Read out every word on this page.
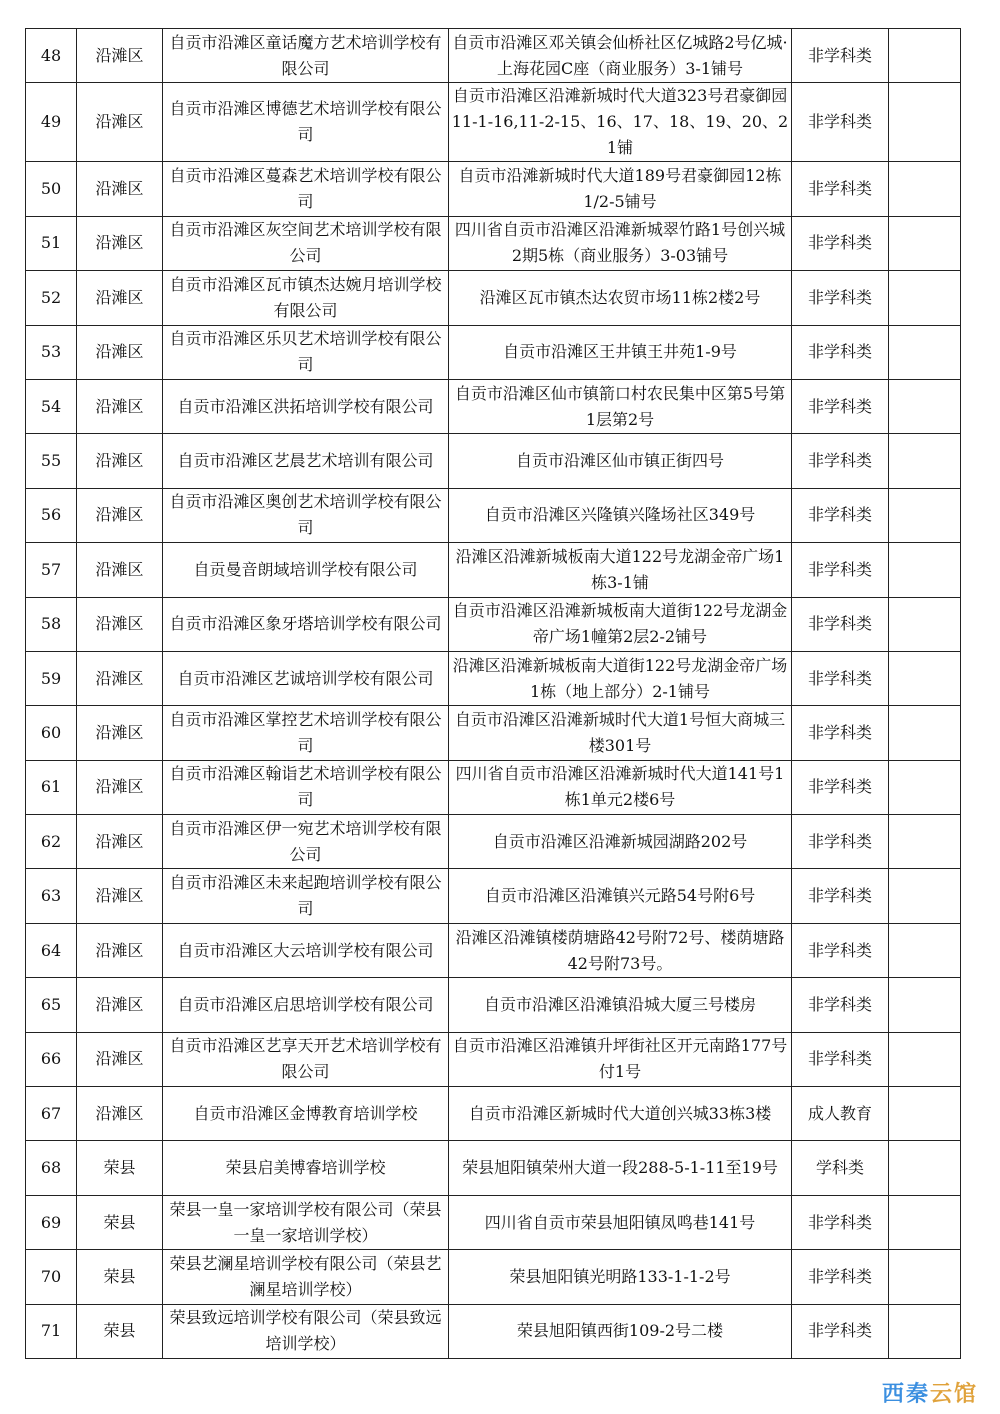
48	沿滩区	自贡市沿滩区童话魔方艺术培训学校有限公司	自贡市沿滩区邓关镇会仙桥社区亿城路2号亿城·上海花园C座（商业服务）3-1铺号	非学科类	
49	沿滩区	自贡市沿滩区博德艺术培训学校有限公司	自贡市沿滩区沿滩新城时代大道323号君豪御园11-1-16,11-2-15、16、17、18、19、20、21铺	非学科类	
50	沿滩区	自贡市沿滩区蔓森艺术培训学校有限公司	自贡市沿滩新城时代大道189号君豪御园12栋1/2-5铺号	非学科类	
51	沿滩区	自贡市沿滩区灰空间艺术培训学校有限公司	四川省自贡市沿滩区沿滩新城翠竹路1号创兴城2期5栋（商业服务）3-03铺号	非学科类	
52	沿滩区	自贡市沿滩区瓦市镇杰达婉月培训学校有限公司	沿滩区瓦市镇杰达农贸市场11栋2楼2号	非学科类	
53	沿滩区	自贡市沿滩区乐贝艺术培训学校有限公司	自贡市沿滩区王井镇王井苑1-9号	非学科类	
54	沿滩区	自贡市沿滩区洪拓培训学校有限公司	自贡市沿滩区仙市镇箭口村农民集中区第5号第1层第2号	非学科类	
55	沿滩区	自贡市沿滩区艺晨艺术培训有限公司	自贡市沿滩区仙市镇正街四号	非学科类	
56	沿滩区	自贡市沿滩区奥创艺术培训学校有限公司	自贡市沿滩区兴隆镇兴隆场社区349号	非学科类	
57	沿滩区	自贡曼音朗域培训学校有限公司	沿滩区沿滩新城板南大道122号龙湖金帝广场1栋3-1铺	非学科类	
58	沿滩区	自贡市沿滩区象牙塔培训学校有限公司	自贡市沿滩区沿滩新城板南大道街122号龙湖金帝广场1幢第2层2-2铺号	非学科类	
59	沿滩区	自贡市沿滩区艺诚培训学校有限公司	沿滩区沿滩新城板南大道街122号龙湖金帝广场1栋（地上部分）2-1铺号	非学科类	
60	沿滩区	自贡市沿滩区掌控艺术培训学校有限公司	自贡市沿滩区沿滩新城时代大道1号恒大商城三楼301号	非学科类	
61	沿滩区	自贡市沿滩区翰诣艺术培训学校有限公司	四川省自贡市沿滩区沿滩新城时代大道141号1栋1单元2楼6号	非学科类	
62	沿滩区	自贡市沿滩区伊一宛艺术培训学校有限公司	自贡市沿滩区沿滩新城园湖路202号	非学科类	
63	沿滩区	自贡市沿滩区未来起跑培训学校有限公司	自贡市沿滩区沿滩镇兴元路54号附6号	非学科类	
64	沿滩区	自贡市沿滩区大云培训学校有限公司	沿滩区沿滩镇楼荫塘路42号附72号、楼荫塘路42号附73号。	非学科类	
65	沿滩区	自贡市沿滩区启思培训学校有限公司	自贡市沿滩区沿滩镇沿城大厦三号楼房	非学科类	
66	沿滩区	自贡市沿滩区艺享天开艺术培训学校有限公司	自贡市沿滩区沿滩镇升坪街社区开元南路177号付1号	非学科类	
67	沿滩区	自贡市沿滩区金博教育培训学校	自贡市沿滩区新城时代大道创兴城33栋3楼	成人教育	
68	荣县	荣县启美博睿培训学校	荣县旭阳镇荣州大道一段288-5-1-11至19号	学科类	
69	荣县	荣县一皇一家培训学校有限公司（荣县一皇一家培训学校）	四川省自贡市荣县旭阳镇凤鸣巷141号	非学科类	
70	荣县	荣县艺澜星培训学校有限公司（荣县艺澜星培训学校）	荣县旭阳镇光明路133-1-1-2号	非学科类	
71	荣县	荣县致远培训学校有限公司（荣县致远培训学校）	荣县旭阳镇西街109-2号二楼	非学科类	
西秦云馆
